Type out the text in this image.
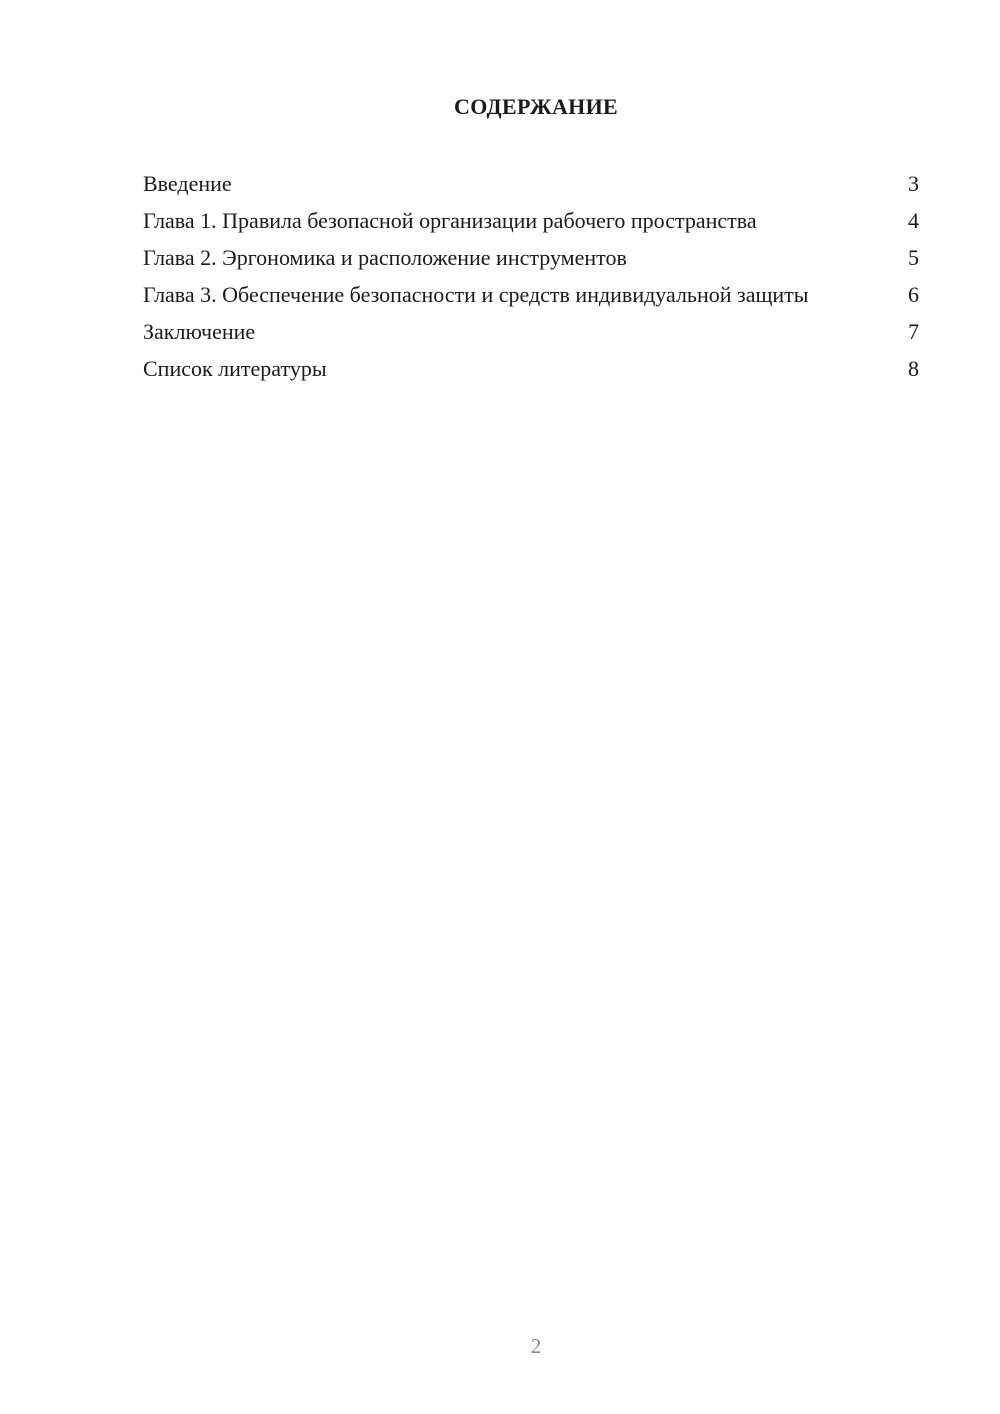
СОДЕРЖАНИЕ
Введение	3
Глава 1. Правила безопасной организации рабочего пространства	4
Глава 2. Эргономика и расположение инструментов	5
Глава 3. Обеспечение безопасности и средств индивидуальной защиты	6
Заключение	7
Список литературы	8
2
